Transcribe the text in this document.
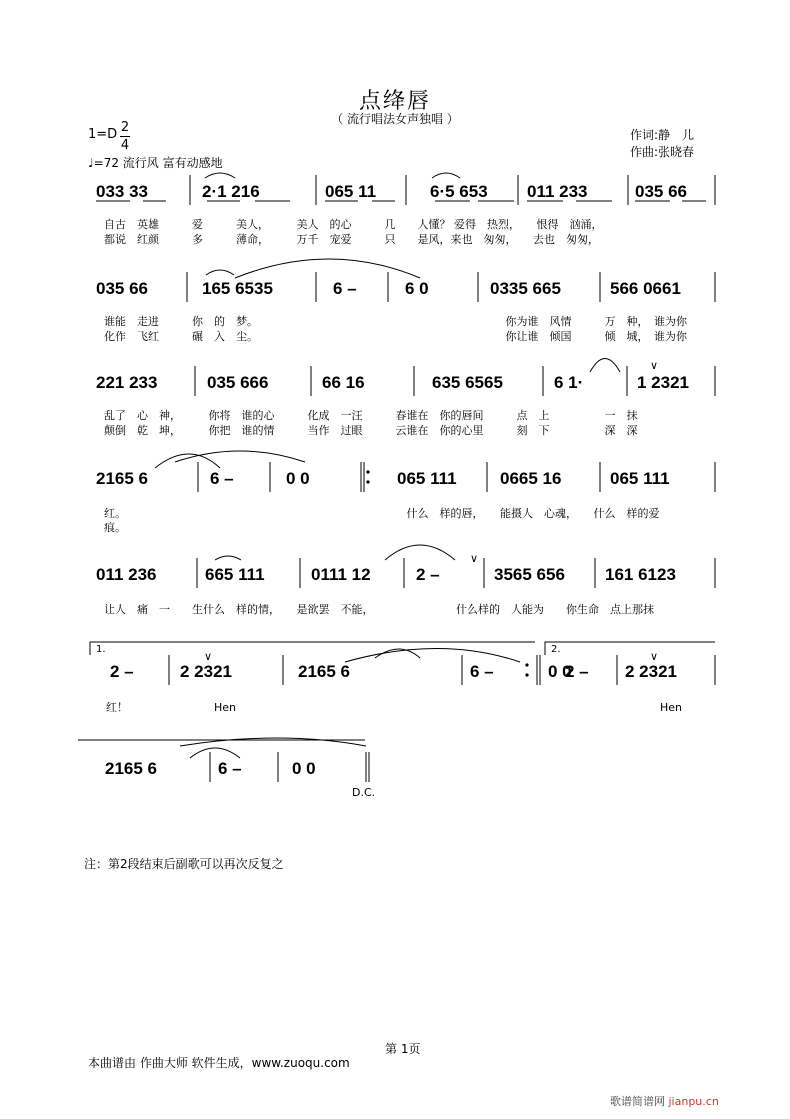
点绛唇
（ 流行唱法女声独唱 ）
1=D 2
4
♩=72 流行风 富有动感地
作词:静　儿
作曲:张晓春
∨
∨
∨	∨
033 33	2·1 216	065 11	6·5 653 011 233	035 66
035 66	165 6535	6 –	6 0	0335 665	566 0661
221 233	035 666	66 16	635 6565	6 1·	1 2321
2165 6	6 –	0 0	065 111	0665 16	065 111
011 236	665 111	0111 12	2 –	3565 656 161 6123
2 –	2 2321	2165 6	6 –	0 0
2 – 2 2321
2165 6	6 –	0 0
自古　英雄　　　爱　　　美人，　　　美人　的心　　　几　　人懂？ 爱得　热烈，　　恨得　汹涌，
都说　红颜　　　多　　　薄命，　　　万千　宠爱　　　只　　是风，来也　匆匆，　　去也　匆匆，
谁能　走进　　　你　的　梦。　　　　　　　　　　　　　　　　　　　　　　　你为谁　风情　　　万　种，　谁为你
化作　飞红　　　碾　入　尘。　　　　　　　　　　　　　　　　　　　　　　　你让谁　倾国　　　倾　城，　谁为你
乱了　心　神，　　　你将　谁的心　　　化成　一汪　　　春谁在　你的唇间　　　点　上　　　　　一　抹
颠倒　乾　坤，　　　你把　谁的情　　　当作　过眼　　　云谁在　你的心里　　　刻　下　　　　　深　深
红。　　　　　　　　　　　　　　　　　　　　　　　　　　什么　样的唇，　　能摄人　心魂，　　什么　样的爱
痕。
让人　痛　一　　生什么　样的情，　　是欲罢　不能，　　　　　　　　什么样的　人能为　　你生命　点上那抹
红！	Hen	Hen
D.C.
1.	2.
注：第2段结束后副歌可以再次反复之
第 1页
本曲谱由 作曲大师 软件生成，www.zuoqu.com
歌谱简谱网 jianpu.cn
